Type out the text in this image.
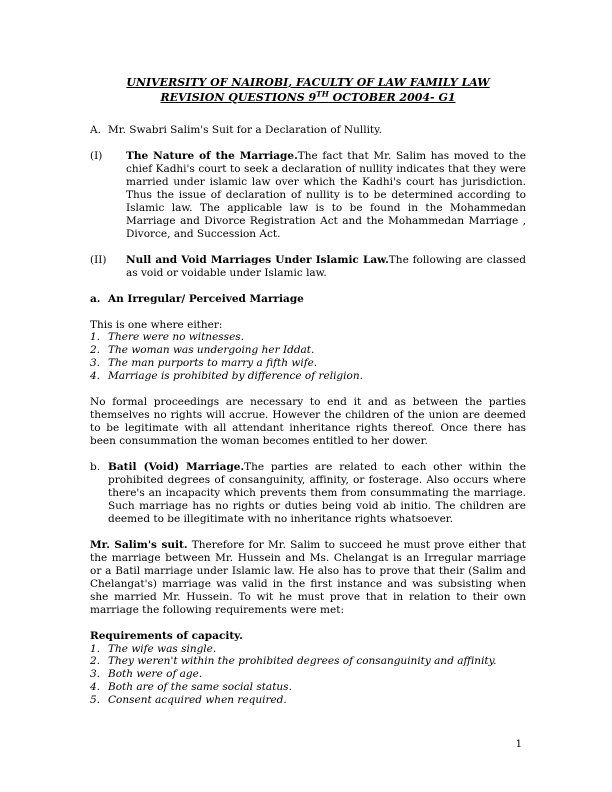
UNIVERSITY OF NAIROBI, FACULTY OF LAW FAMILY LAW
REVISION QUESTIONS 9TH OCTOBER 2004- G1
A. Mr. Swabri Salim's Suit for a Declaration of Nullity.
(I)	The Nature of the Marriage.The fact that Mr. Salim has moved to the chief Kadhi's court to seek a declaration of nullity indicates that they were married under islamic law over which the Kadhi's court has jurisdiction. Thus the issue of declaration of nullity is to be determined according to Islamic law. The applicable law is to be found in the Mohammedan Marriage and Divorce Registration Act and the Mohammedan Marriage , Divorce, and Succession Act.
(II)	Null and Void Marriages Under Islamic Law.The following are classed as void or voidable under Islamic law.
a. An Irregular/ Perceived Marriage
This is one where either:
1. There were no witnesses.
2. The woman was undergoing her Iddat.
3. The man purports to marry a fifth wife.
4. Marriage is prohibited by difference of religion.

No formal proceedings are necessary to end it and as between the parties themselves no rights will accrue. However the children of the union are deemed to be legitimate with all attendant inheritance rights thereof. Once there has been consummation the woman becomes entitled to her dower.

b. Batil (Void) Marriage.The parties are related to each other within the prohibited degrees of consanguinity, affinity, or fosterage. Also occurs where there's an incapacity which prevents them from consummating the marriage. Such marriage has no rights or duties being void ab initio. The children are deemed to be illegitimate with no inheritance rights whatsoever.

Mr. Salim's suit. Therefore for Mr. Salim to succeed he must prove either that the marriage between Mr. Hussein and Ms. Chelangat is an Irregular marriage or a Batil marriage under Islamic law. He also has to prove that their (Salim and Chelangat's) marriage was valid in the first instance and was subsisting when she married Mr. Hussein. To wit he must prove that in relation to their own marriage the following requirements were met:

Requirements of capacity.
1. The wife was single.
2. They weren't within the prohibited degrees of consanguinity and affinity.
3. Both were of age.
4. Both are of the same social status.
5. Consent acquired when required.
1
